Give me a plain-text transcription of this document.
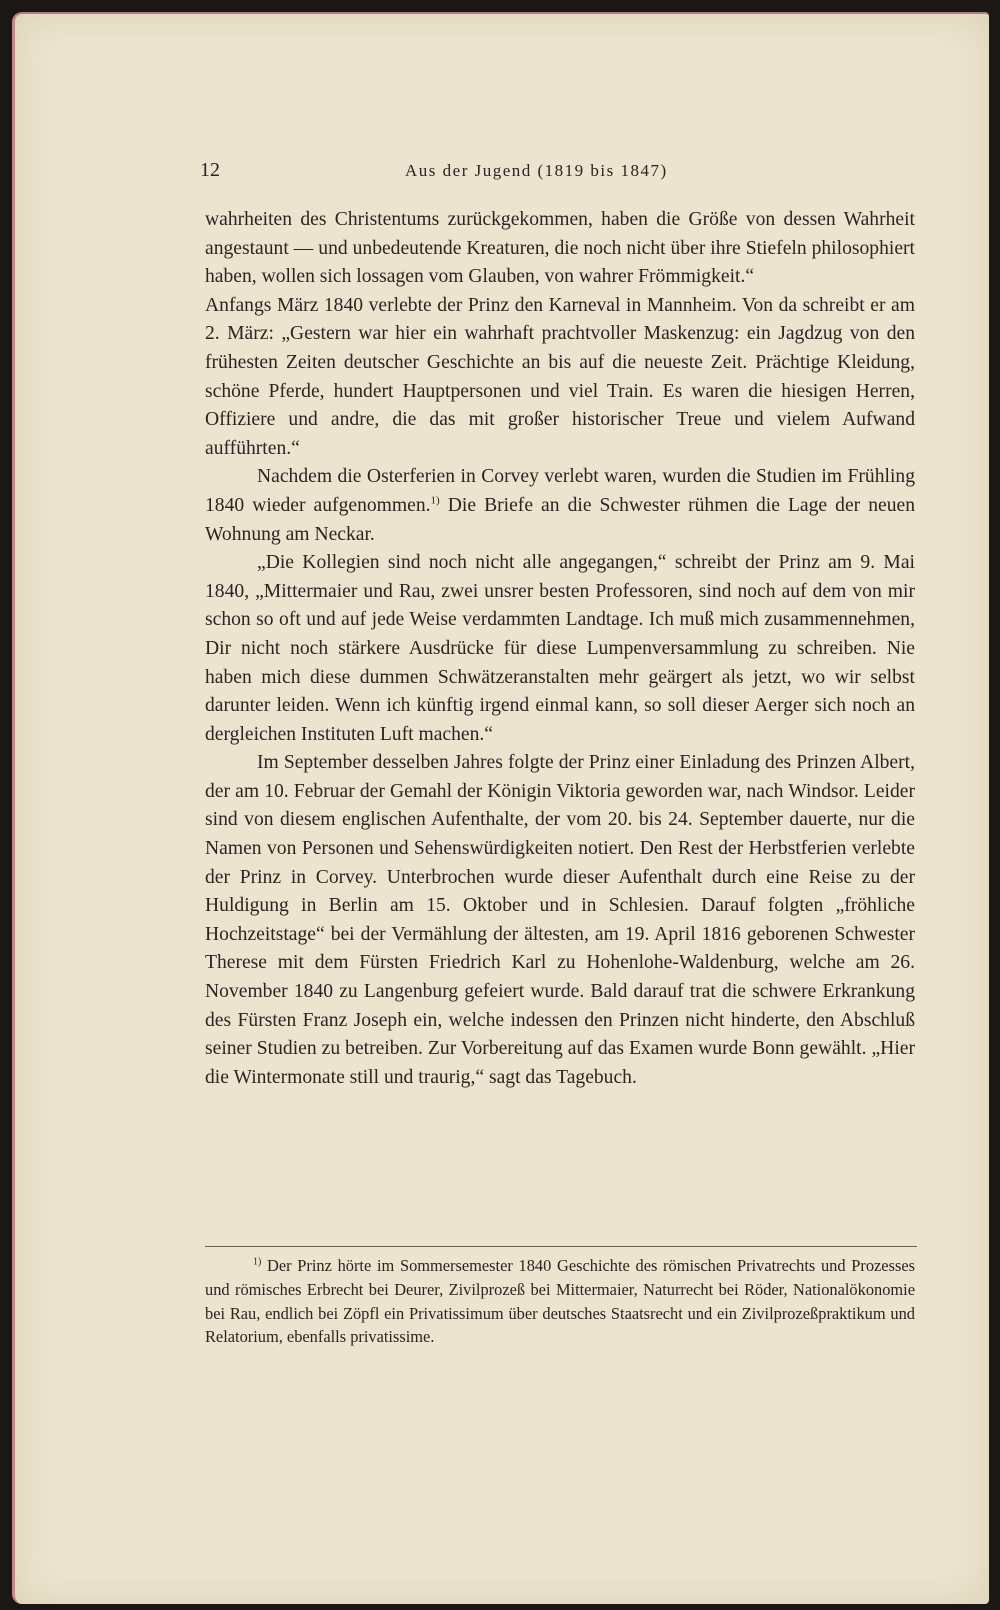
12	Aus der Jugend (1819 bis 1847)

wahrheiten des Christentums zurückgekommen, haben die Größe von dessen Wahrheit angestaunt — und unbedeutende Kreaturen, die noch nicht über ihre Stiefeln philosophiert haben, wollen sich lossagen vom Glauben, von wahrer Frömmigkeit.“

Anfangs März 1840 verlebte der Prinz den Karneval in Mannheim. Von da schreibt er am 2. März: „Gestern war hier ein wahrhaft prachtvoller Maskenzug: ein Jagdzug von den frühesten Zeiten deutscher Geschichte an bis auf die neueste Zeit. Prächtige Kleidung, schöne Pferde, hundert Hauptpersonen und viel Train. Es waren die hiesigen Herren, Offiziere und andre, die das mit großer historischer Treue und vielem Aufwand aufführten.“

Nachdem die Osterferien in Corvey verlebt waren, wurden die Studien im Frühling 1840 wieder aufgenommen.$^{1)}$ Die Briefe an die Schwester rühmen die Lage der neuen Wohnung am Neckar.

„Die Kollegien sind noch nicht alle angegangen,“ schreibt der Prinz am 9. Mai 1840, „Mittermaier und Rau, zwei unsrer besten Professoren, sind noch auf dem von mir schon so oft und auf jede Weise verdammten Landtage. Ich muß mich zusammennehmen, Dir nicht noch stärkere Ausdrücke für diese Lumpenversammlung zu schreiben. Nie haben mich diese dummen Schwätzeranstalten mehr geärgert als jetzt, wo wir selbst darunter leiden. Wenn ich künftig irgend einmal kann, so soll dieser Aerger sich noch an dergleichen Instituten Luft machen.“

Im September desselben Jahres folgte der Prinz einer Einladung des Prinzen Albert, der am 10. Februar der Gemahl der Königin Viktoria geworden war, nach Windsor. Leider sind von diesem englischen Aufenthalte, der vom 20. bis 24. September dauerte, nur die Namen von Personen und Sehenswürdigkeiten notiert. Den Rest der Herbstferien verlebte der Prinz in Corvey. Unterbrochen wurde dieser Aufenthalt durch eine Reise zu der Huldigung in Berlin am 15. Oktober und in Schlesien. Darauf folgten „fröhliche Hochzeitstage“ bei der Vermählung der ältesten, am 19. April 1816 geborenen Schwester Therese mit dem Fürsten Friedrich Karl zu Hohenlohe-Waldenburg, welche am 26. November 1840 zu Langenburg gefeiert wurde. Bald darauf trat die schwere Erkrankung des Fürsten Franz Joseph ein, welche indessen den Prinzen nicht hinderte, den Abschluß seiner Studien zu betreiben. Zur Vorbereitung auf das Examen wurde Bonn gewählt. „Hier die Wintermonate still und traurig,“ sagt das Tagebuch.

$^{1)}$ Der Prinz hörte im Sommersemester 1840 Geschichte des römischen Privatrechts und Prozesses und römisches Erbrecht bei Deurer, Zivilprozeß bei Mittermaier, Naturrecht bei Röder, Nationalökonomie bei Rau, endlich bei Zöpfl ein Privatissimum über deutsches Staatsrecht und ein Zivilprozeßpraktikum und Relatorium, ebenfalls privatissime.
